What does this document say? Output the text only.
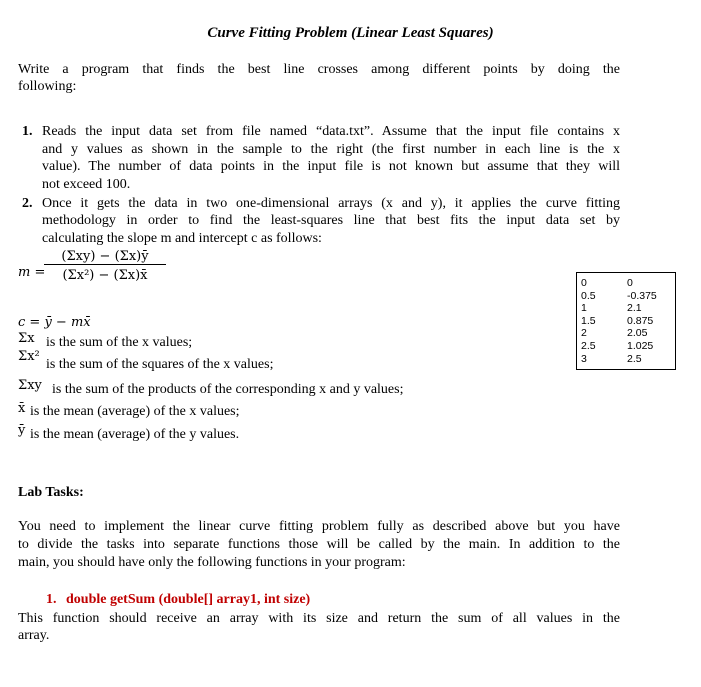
Curve Fitting Problem (Linear Least Squares)
Write a program that finds the best line crosses among different points by doing the
following:
1. Reads the input data set from file named “data.txt”. Assume that the input file contains x
and y values as shown in the sample to the right (the first number in each line is the x
value). The number of data points in the input file is not known but assume that they will
not exceed 100.
2. Once it gets the data in two one-dimensional arrays (x and y), it applies the curve fitting
methodology in order to find the least-squares line that best fits the input data set by
calculating the slope m and intercept c as follows:
m =
(Σxy) − (Σx)ȳ
(Σx²) − (Σx)x̄
c = ȳ − mx̄
Σx is the sum of the x values;
Σx²
is the sum of the squares of the x values;
Σxy is the sum of the products of the corresponding x and y values;
x̄ is the mean (average) of the x values;
ȳ is the mean (average) of the y values.
0	0
0.5	-0.375
1	2.1
1.5	0.875
2	2.05
2.5	1.025
3	2.5
Lab Tasks:
You need to implement the linear curve fitting problem fully as described above but you have
to divide the tasks into separate functions those will be called by the main. In addition to the
main, you should have only the following functions in your program:
1. double getSum (double[] array1, int size)
This function should receive an array with its size and return the sum of all values in the
array.
